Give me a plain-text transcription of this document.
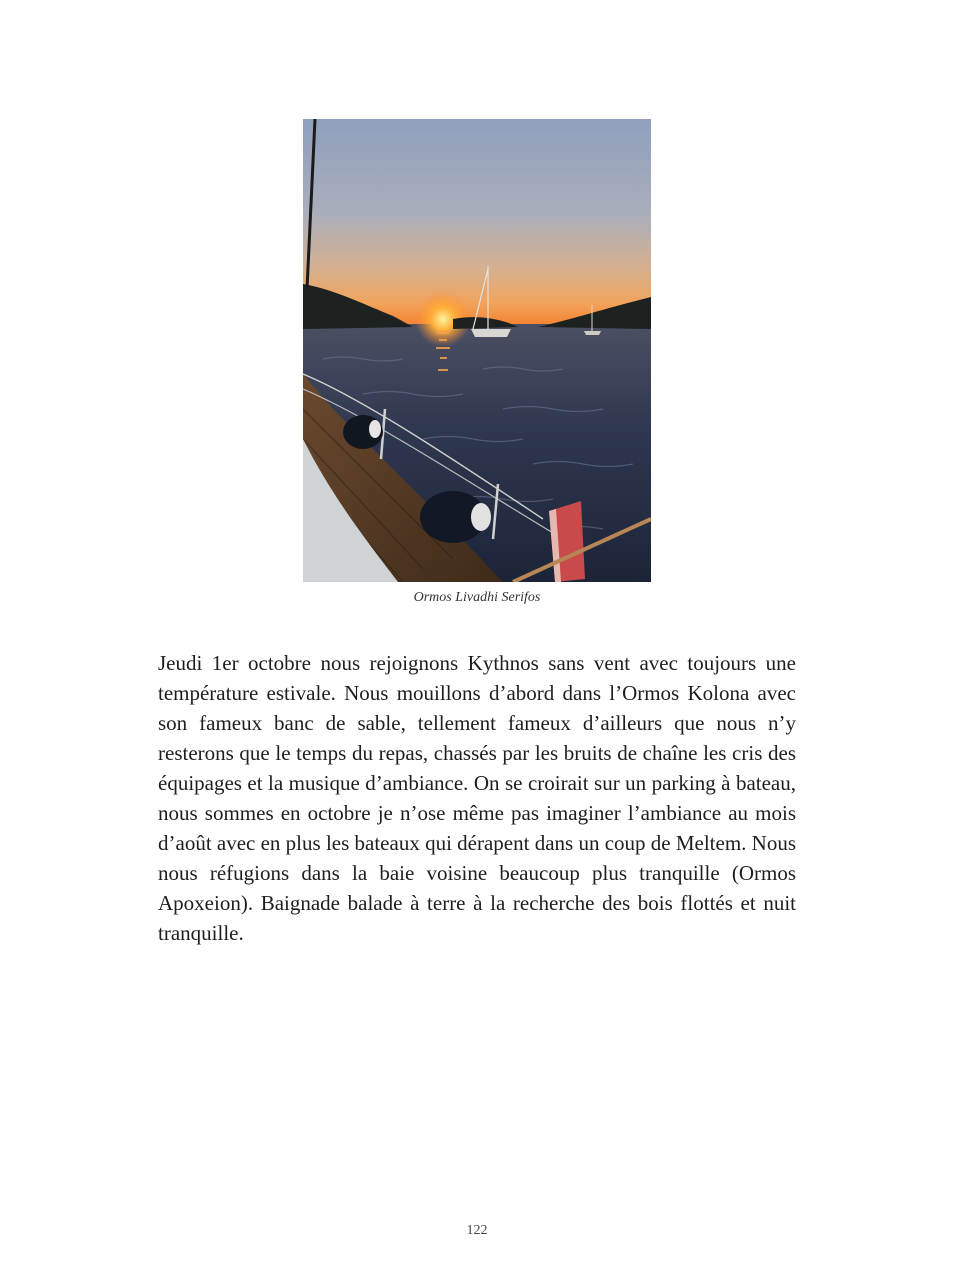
Ormos Livadhi Serifos

Jeudi 1er octobre nous rejoignons Kythnos sans vent avec toujours une température estivale. Nous mouillons d’abord dans l’Ormos Kolona avec son fameux banc de sable, tellement fameux d’ailleurs que nous n’y resterons que le temps du repas, chassés par les bruits de chaîne les cris des équipages et la musique d’ambiance. On se croirait sur un parking à bateau, nous sommes en octobre je n’ose même pas imaginer l’ambiance au mois d’août avec en plus les bateaux qui dérapent dans un coup de Meltem. Nous nous réfugions dans la baie voisine beaucoup plus tranquille (Ormos Apoxeion). Baignade balade à terre à la recherche des bois flottés et nuit tranquille.

122
